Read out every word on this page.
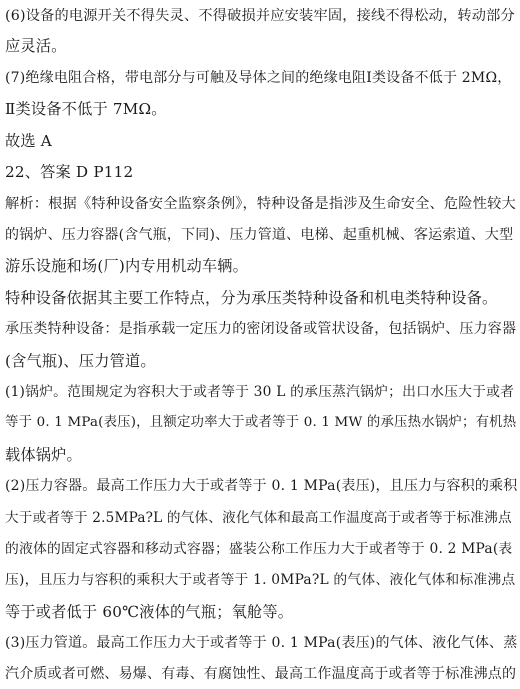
(6)设备的电源开关不得失灵、不得破损并应安装牢固，接线不得松动，转动部分
应灵活。
(7)绝缘电阻合格，带电部分与可触及导体之间的绝缘电阻Ⅰ类设备不低于 2MΩ，
Ⅱ类设备不低于 7MΩ。
故选 A
22、答案 D P112
解析：根据《特种设备安全监察条例》，特种设备是指涉及生命安全、危险性较大
的锅炉、压力容器(含气瓶，下同)、压力管道、电梯、起重机械、客运索道、大型
游乐设施和场(厂)内专用机动车辆。
特种设备依据其主要工作特点，分为承压类特种设备和机电类特种设备。
承压类特种设备：是指承载一定压力的密闭设备或管状设备，包括锅炉、压力容器
(含气瓶)、压力管道。
(1)锅炉。范围规定为容积大于或者等于 30 L 的承压蒸汽锅炉；出口水压大于或者
等于 0. 1 MPa(表压)，且额定功率大于或者等于 0. 1 MW 的承压热水锅炉；有机热
载体锅炉。
(2)压力容器。最高工作压力大于或者等于 0. 1 MPa(表压)，且压力与容积的乘积
大于或者等于 2.5MPa?L 的气体、液化气体和最高工作温度高于或者等于标准沸点
的液体的固定式容器和移动式容器；盛装公称工作压力大于或者等于 0. 2 MPa(表
压)，且压力与容积的乘积大于或者等于 1. 0MPa?L 的气体、液化气体和标准沸点
等于或者低于 60℃液体的气瓶；氧舱等。
(3)压力管道。最高工作压力大于或者等于 0. 1 MPa(表压)的气体、液化气体、蒸
汽介质或者可燃、易爆、有毒、有腐蚀性、最高工作温度高于或者等于标准沸点的
